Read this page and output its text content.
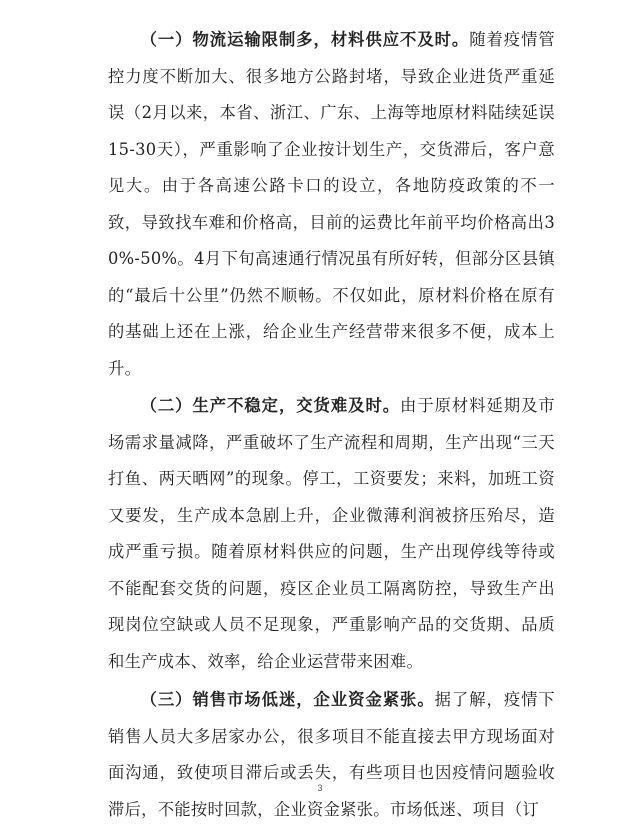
（一）物流运输限制多，材料供应不及时。随着疫情管控力度不断加大、很多地方公路封堵，导致企业进货严重延误（2月以来，本省、浙江、广东、上海等地原材料陆续延误15-30天），严重影响了企业按计划生产，交货滞后，客户意见大。由于各高速公路卡口的设立，各地防疫政策的不一致，导致找车难和价格高，目前的运费比年前平均价格高出30%-50%。4月下旬高速通行情况虽有所好转，但部分区县镇的“最后十公里”仍然不顺畅。不仅如此，原材料价格在原有的基础上还在上涨，给企业生产经营带来很多不便，成本上升。

（二）生产不稳定，交货难及时。由于原材料延期及市场需求量减降，严重破坏了生产流程和周期，生产出现“三天打鱼、两天晒网”的现象。停工，工资要发；来料，加班工资又要发，生产成本急剧上升，企业微薄利润被挤压殆尽，造成严重亏损。随着原材料供应的问题，生产出现停线等待或不能配套交货的问题，疫区企业员工隔离防控，导致生产出现岗位空缺或人员不足现象，严重影响产品的交货期、品质和生产成本、效率，给企业运营带来困难。

（三）销售市场低迷，企业资金紧张。据了解，疫情下销售人员大多居家办公，很多项目不能直接去甲方现场面对面沟通，致使项目滞后或丢失，有些项目也因疫情问题验收滞后，不能按时回款，企业资金紧张。市场低迷、项目（订

3
